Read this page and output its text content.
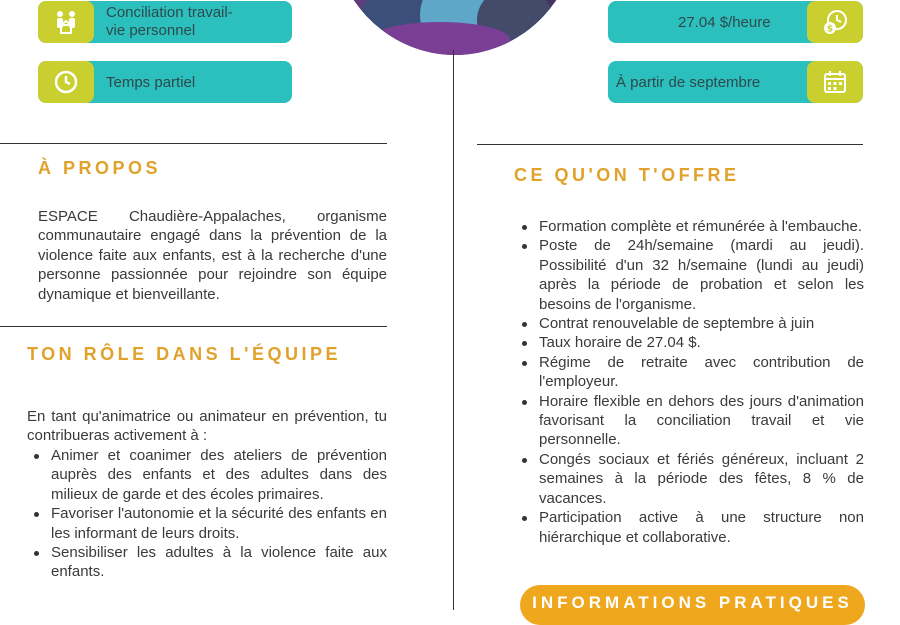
Conciliation travail-
vie personnel
Temps partiel
27.04 $/heure	$
À partir de septembre
À PROPOS
ESPACE Chaudière-Appalaches, organisme communautaire engagé dans la prévention de la violence faite aux enfants, est à la recherche d'une personne passionnée pour rejoindre son équipe dynamique et bienveillante.
TON RÔLE DANS L'ÉQUIPE
En tant qu'animatrice ou animateur en prévention, tu contribueras activement à :
Animer et coanimer des ateliers de prévention auprès des enfants et des adultes dans des milieux de garde et des écoles primaires.
Favoriser l'autonomie et la sécurité des enfants en les informant de leurs droits.
Sensibiliser les adultes à la violence faite aux enfants.
CE QU'ON T'OFFRE
Formation complète et rémunérée à l'embauche.
Poste de 24h/semaine (mardi au jeudi). Possibilité d'un 32 h/semaine (lundi au jeudi) après la période de probation et selon les besoins de l'organisme.
Contrat renouvelable de septembre à juin
Taux horaire de 27.04 $.
Régime de retraite avec contribution de l'employeur.
Horaire flexible en dehors des jours d'animation favorisant la conciliation travail et vie personnelle.
Congés sociaux et fériés généreux, incluant 2 semaines à la période des fêtes, 8 % de vacances.
Participation active à une structure non hiérarchique et collaborative.
INFORMATIONS PRATIQUES
